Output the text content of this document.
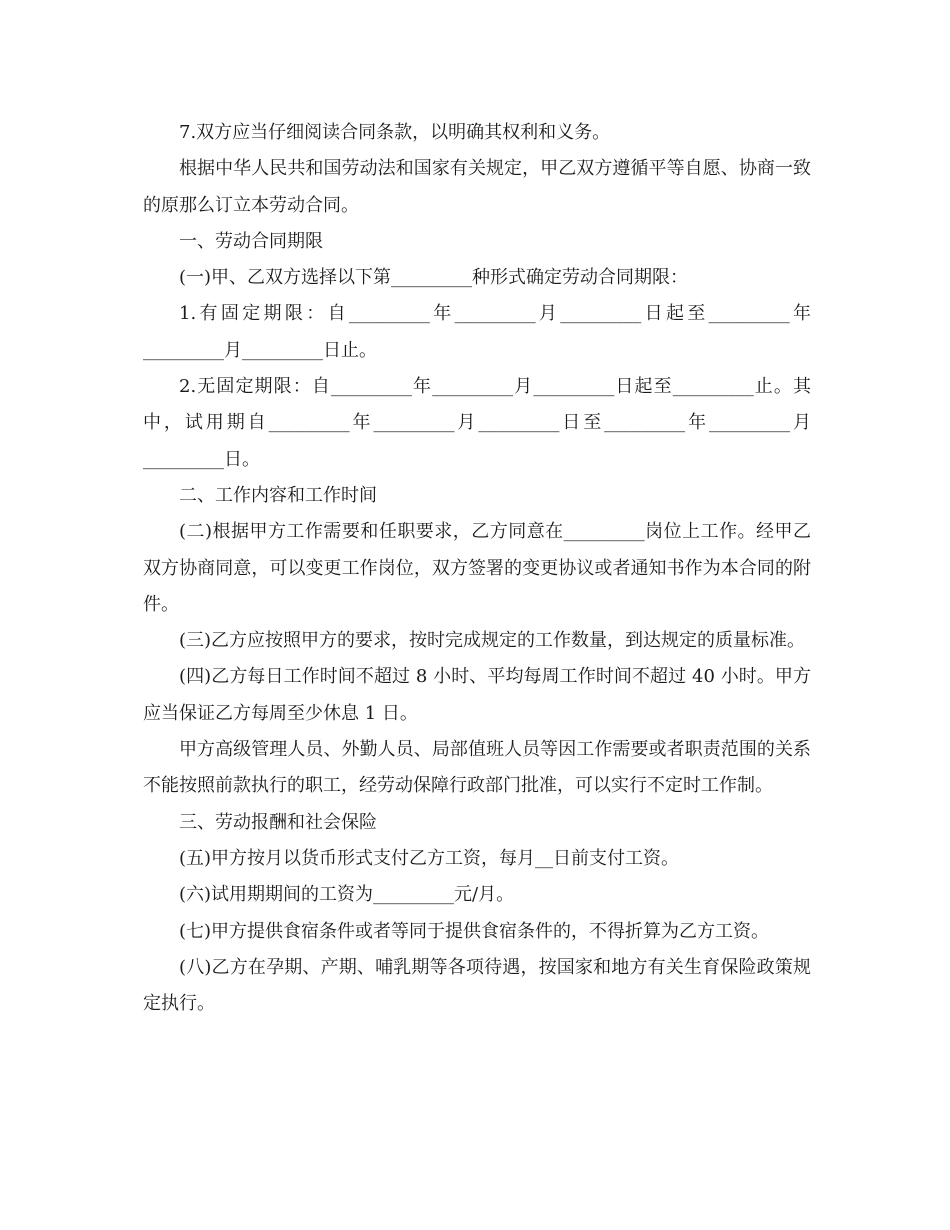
7.双方应当仔细阅读合同条款，以明确其权利和义务。

根据中华人民共和国劳动法和国家有关规定，甲乙双方遵循平等自愿、协商一致的原那么订立本劳动合同。

一、劳动合同期限

(一)甲、乙双方选择以下第_________种形式确定劳动合同期限：

1.有固定期限：自_________年_________月_________日起至_________年_________月_________日止。

2.无固定期限：自_________年_________月_________日起至_________止。其中，试用期自_________年_________月_________日至_________年_________月_________日。

二、工作内容和工作时间

(二)根据甲方工作需要和任职要求，乙方同意在_________岗位上工作。经甲乙双方协商同意，可以变更工作岗位，双方签署的变更协议或者通知书作为本合同的附件。

(三)乙方应按照甲方的要求，按时完成规定的工作数量，到达规定的质量标准。

(四)乙方每日工作时间不超过 8 小时、平均每周工作时间不超过 40 小时。甲方应当保证乙方每周至少休息 1 日。

甲方高级管理人员、外勤人员、局部值班人员等因工作需要或者职责范围的关系不能按照前款执行的职工，经劳动保障行政部门批准，可以实行不定时工作制。

三、劳动报酬和社会保险

(五)甲方按月以货币形式支付乙方工资，每月__日前支付工资。

(六)试用期期间的工资为_________元/月。

(七)甲方提供食宿条件或者等同于提供食宿条件的，不得折算为乙方工资。

(八)乙方在孕期、产期、哺乳期等各项待遇，按国家和地方有关生育保险政策规定执行。
